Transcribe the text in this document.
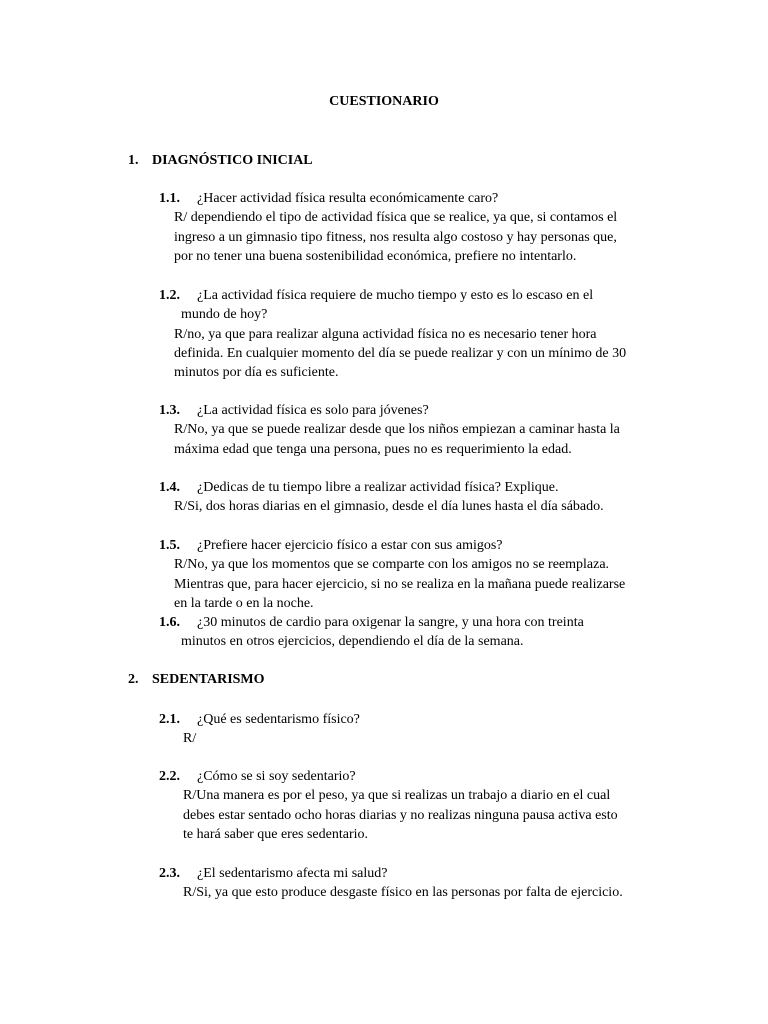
CUESTIONARIO
1. DIAGNÓSTICO INICIAL
1.1. ¿Hacer actividad física resulta económicamente caro?
R/ dependiendo el tipo de actividad física que se realice, ya que, si contamos el
ingreso a un gimnasio tipo fitness, nos resulta algo costoso y hay personas que,
por no tener una buena sostenibilidad económica, prefiere no intentarlo.
1.2. ¿La actividad física requiere de mucho tiempo y esto es lo escaso en el
mundo de hoy?
R/no, ya que para realizar alguna actividad física no es necesario tener hora
definida. En cualquier momento del día se puede realizar y con un mínimo de 30
minutos por día es suficiente.
1.3. ¿La actividad física es solo para jóvenes?
R/No, ya que se puede realizar desde que los niños empiezan a caminar hasta la
máxima edad que tenga una persona, pues no es requerimiento la edad.
1.4. ¿Dedicas de tu tiempo libre a realizar actividad física? Explique.
R/Si, dos horas diarias en el gimnasio, desde el día lunes hasta el día sábado.
1.5. ¿Prefiere hacer ejercicio físico a estar con sus amigos?
R/No, ya que los momentos que se comparte con los amigos no se reemplaza.
Mientras que, para hacer ejercicio, si no se realiza en la mañana puede realizarse
en la tarde o en la noche.
1.6. ¿30 minutos de cardio para oxigenar la sangre, y una hora con treinta
minutos en otros ejercicios, dependiendo el día de la semana.
2. SEDENTARISMO
2.1. ¿Qué es sedentarismo físico?
R/
2.2. ¿Cómo se si soy sedentario?
R/Una manera es por el peso, ya que si realizas un trabajo a diario en el cual
debes estar sentado ocho horas diarias y no realizas ninguna pausa activa esto
te hará saber que eres sedentario.
2.3. ¿El sedentarismo afecta mi salud?
R/Si, ya que esto produce desgaste físico en las personas por falta de ejercicio.
